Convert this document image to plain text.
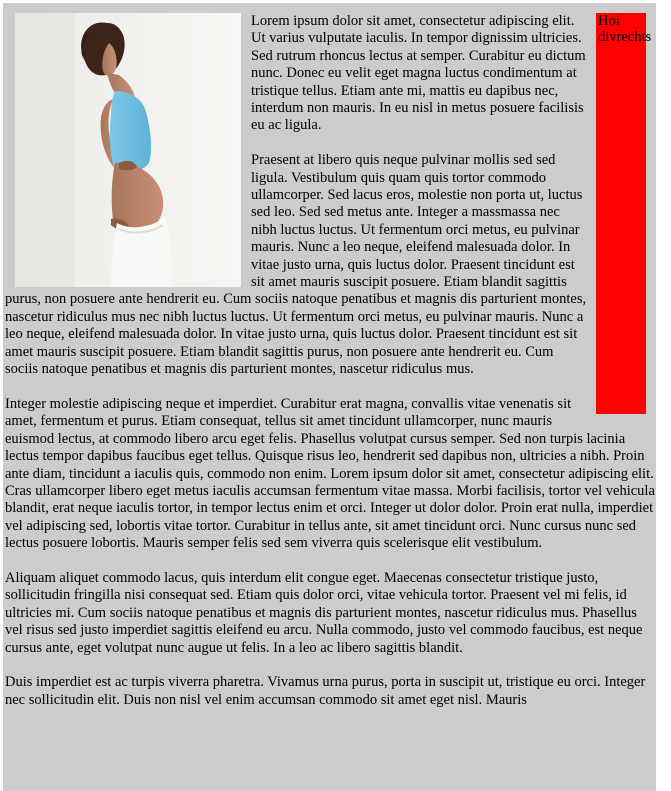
Hoi divrechts

Lorem ipsum dolor sit amet, consectetur adipiscing elit. Ut varius vulputate iaculis. In tempor dignissim ultricies. Sed rutrum rhoncus lectus at semper. Curabitur eu dictum nunc. Donec eu velit eget magna luctus condimentum at tristique tellus. Etiam ante mi, mattis eu dapibus nec, interdum non mauris. In eu nisl in metus posuere facilisis eu ac ligula.

Praesent at libero quis neque pulvinar mollis sed sed ligula. Vestibulum quis quam quis tortor commodo ullamcorper. Sed lacus eros, molestie non porta ut, luctus sed leo. Sed sed metus ante. Integer a massmassa nec nibh luctus luctus. Ut fermentum orci metus, eu pulvinar mauris. Nunc a leo neque, eleifend malesuada dolor. In vitae justo urna, quis luctus dolor. Praesent tincidunt est sit amet mauris suscipit posuere. Etiam blandit sagittis purus, non posuere ante hendrerit eu. Cum sociis natoque penatibus et magnis dis parturient montes, nascetur ridiculus mus nec nibh luctus luctus. Ut fermentum orci metus, eu pulvinar mauris. Nunc a leo neque, eleifend malesuada dolor. In vitae justo urna, quis luctus dolor. Praesent tincidunt est sit amet mauris suscipit posuere. Etiam blandit sagittis purus, non posuere ante hendrerit eu. Cum sociis natoque penatibus et magnis dis parturient montes, nascetur ridiculus mus.

Integer molestie adipiscing neque et imperdiet. Curabitur erat magna, convallis vitae venenatis sit amet, fermentum et purus. Etiam consequat, tellus sit amet tincidunt ullamcorper, nunc mauris euismod lectus, at commodo libero arcu eget felis. Phasellus volutpat cursus semper. Sed non turpis lacinia lectus tempor dapibus faucibus eget tellus. Quisque risus leo, hendrerit sed dapibus non, ultricies a nibh. Proin ante diam, tincidunt a iaculis quis, commodo non enim. Lorem ipsum dolor sit amet, consectetur adipiscing elit. Cras ullamcorper libero eget metus iaculis accumsan fermentum vitae massa. Morbi facilisis, tortor vel vehicula blandit, erat neque iaculis tortor, in tempor lectus enim et orci. Integer ut dolor dolor. Proin erat nulla, imperdiet vel adipiscing sed, lobortis vitae tortor. Curabitur in tellus ante, sit amet tincidunt orci. Nunc cursus nunc sed lectus posuere lobortis. Mauris semper felis sed sem viverra quis scelerisque elit vestibulum.

Aliquam aliquet commodo lacus, quis interdum elit congue eget. Maecenas consectetur tristique justo, sollicitudin fringilla nisi consequat sed. Etiam quis dolor orci, vitae vehicula tortor. Praesent vel mi felis, id ultricies mi. Cum sociis natoque penatibus et magnis dis parturient montes, nascetur ridiculus mus. Phasellus vel risus sed justo imperdiet sagittis eleifend eu arcu. Nulla commodo, justo vel commodo faucibus, est neque cursus ante, eget volutpat nunc augue ut felis. In a leo ac libero sagittis blandit.

Duis imperdiet est ac turpis viverra pharetra. Vivamus urna purus, porta in suscipit ut, tristique eu orci. Integer nec sollicitudin elit. Duis non nisl vel enim accumsan commodo sit amet eget nisl. Mauris
